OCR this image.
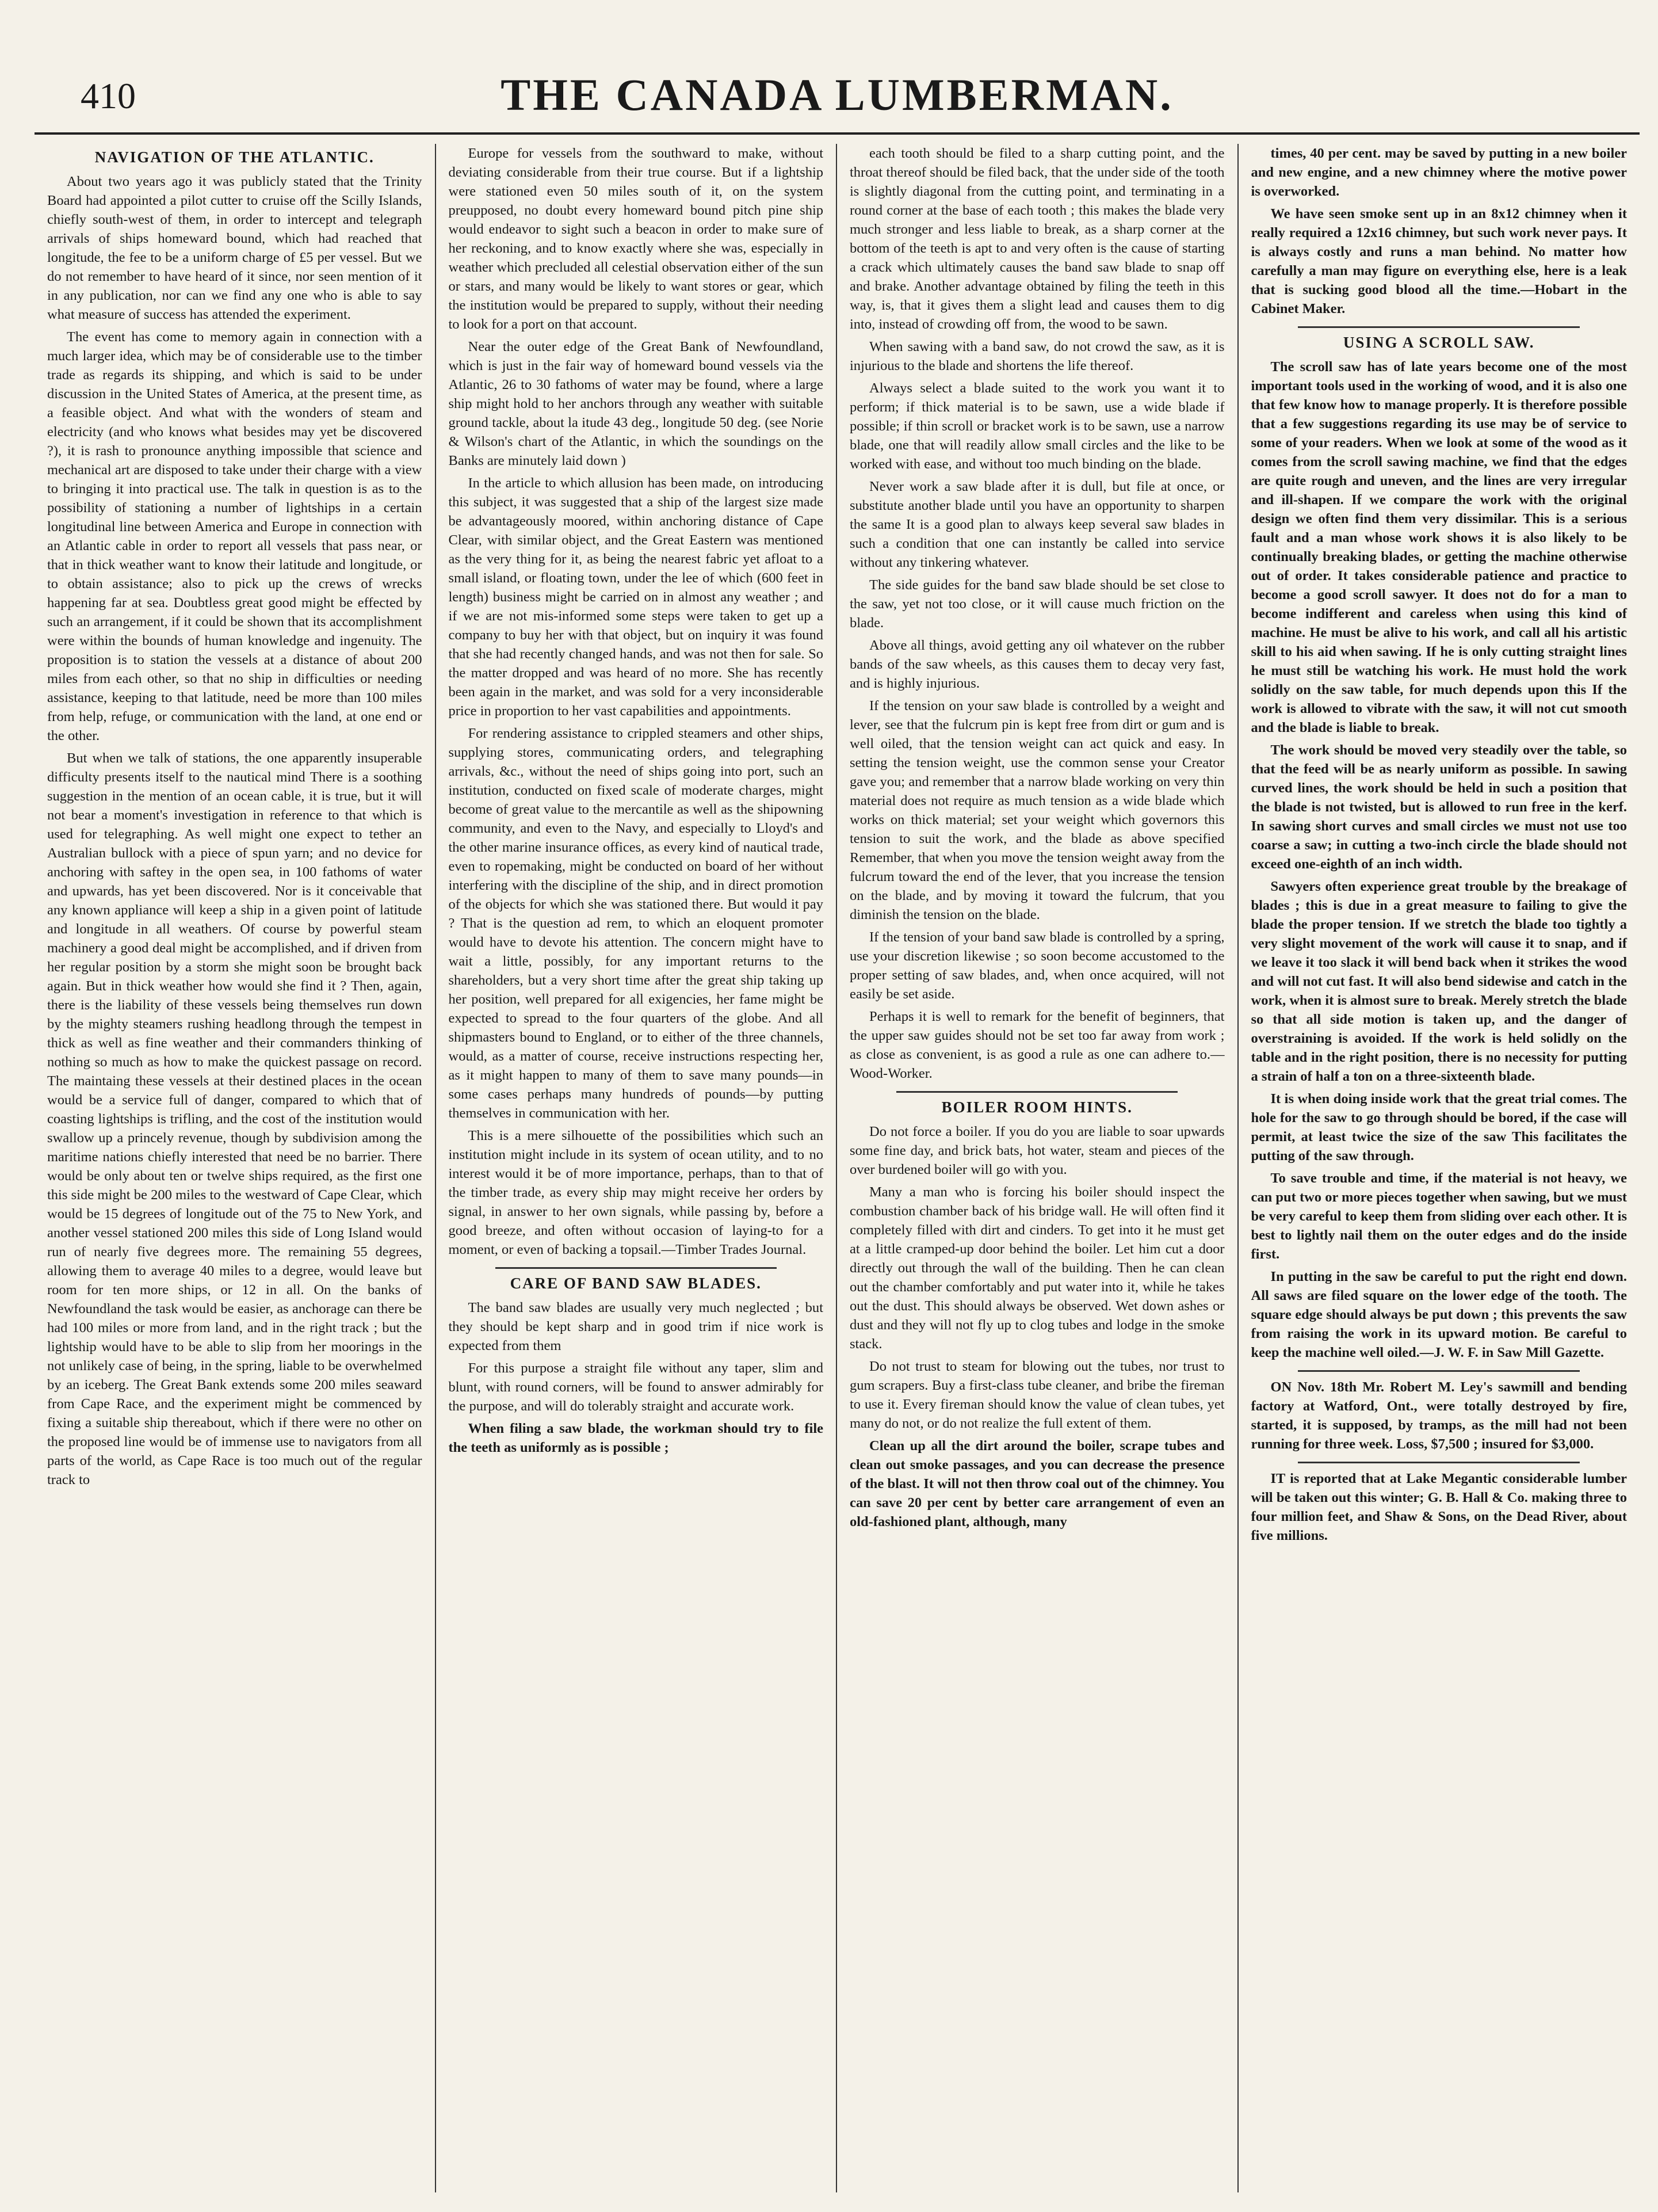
410	THE CANADA LUMBERMAN.
NAVIGATION OF THE ATLANTIC.

About two years ago it was publicly stated that the Trinity Board had appointed a pilot cutter to cruise off the Scilly Islands, chiefly south-west of them, in order to intercept and telegraph arrivals of ships homeward bound, which had reached that longitude, the fee to be a uniform charge of £5 per vessel. But we do not remember to have heard of it since, nor seen mention of it in any publication, nor can we find any one who is able to say what measure of success has attended the experiment.

The event has come to memory again in connection with a much larger idea, which may be of considerable use to the timber trade as regards its shipping, and which is said to be under discussion in the United States of America, at the present time, as a feasible object. And what with the wonders of steam and electricity (and who knows what besides may yet be discovered ?), it is rash to pronounce anything impossible that science and mechanical art are disposed to take under their charge with a view to bringing it into practical use. The talk in question is as to the possibility of stationing a number of lightships in a certain longitudinal line between America and Europe in connection with an Atlantic cable in order to report all vessels that pass near, or that in thick weather want to know their latitude and longitude, or to obtain assistance; also to pick up the crews of wrecks happening far at sea. Doubtless great good might be effected by such an arrangement, if it could be shown that its accomplishment were within the bounds of human knowledge and ingenuity. The proposition is to station the vessels at a distance of about 200 miles from each other, so that no ship in difficulties or needing assistance, keeping to that latitude, need be more than 100 miles from help, refuge, or communication with the land, at one end or the other.

But when we talk of stations, the one apparently insuperable difficulty presents itself to the nautical mind There is a soothing suggestion in the mention of an ocean cable, it is true, but it will not bear a moment's investigation in reference to that which is used for telegraphing. As well might one expect to tether an Australian bullock with a piece of spun yarn; and no device for anchoring with saftey in the open sea, in 100 fathoms of water and upwards, has yet been discovered. Nor is it conceivable that any known appliance will keep a ship in a given point of latitude and longitude in all weathers. Of course by powerful steam machinery a good deal might be accomplished, and if driven from her regular position by a storm she might soon be brought back again. But in thick weather how would she find it ? Then, again, there is the liability of these vessels being themselves run down by the mighty steamers rushing headlong through the tempest in thick as well as fine weather and their commanders thinking of nothing so much as how to make the quickest passage on record. The maintaing these vessels at their destined places in the ocean would be a service full of danger, compared to which that of coasting lightships is trifling, and the cost of the institution would swallow up a princely revenue, though by subdivision among the maritime nations chiefly interested that need be no barrier. There would be only about ten or twelve ships required, as the first one this side might be 200 miles to the westward of Cape Clear, which would be 15 degrees of longitude out of the 75 to New York, and another vessel stationed 200 miles this side of Long Island would run of nearly five degrees more. The remaining 55 degrees, allowing them to average 40 miles to a degree, would leave but room for ten more ships, or 12 in all. On the banks of Newfoundland the task would be easier, as anchorage can there be had 100 miles or more from land, and in the right track ; but the lightship would have to be able to slip from her moorings in the not unlikely case of being, in the spring, liable to be overwhelmed by an iceberg. The Great Bank extends some 200 miles seaward from Cape Race, and the experiment might be commenced by fixing a suitable ship thereabout, which if there were no other on the proposed line would be of immense use to navigators from all parts of the world, as Cape Race is too much out of the regular track to

Europe for vessels from the southward to make, without deviating considerable from their true course. But if a lightship were stationed even 50 miles south of it, on the system preupposed, no doubt every homeward bound pitch pine ship would endeavor to sight such a beacon in order to make sure of her reckoning, and to know exactly where she was, especially in weather which precluded all celestial observation either of the sun or stars, and many would be likely to want stores or gear, which the institution would be prepared to supply, without their needing to look for a port on that account.

Near the outer edge of the Great Bank of Newfoundland, which is just in the fair way of homeward bound vessels via the Atlantic, 26 to 30 fathoms of water may be found, where a large ship might hold to her anchors through any weather with suitable ground tackle, about la itude 43 deg., longitude 50 deg. (see Norie & Wilson's chart of the Atlantic, in which the soundings on the Banks are minutely laid down )

In the article to which allusion has been made, on introducing this subject, it was suggested that a ship of the largest size made be advantageously moored, within anchoring distance of Cape Clear, with similar object, and the Great Eastern was mentioned as the very thing for it, as being the nearest fabric yet afloat to a small island, or floating town, under the lee of which (600 feet in length) business might be carried on in almost any weather ; and if we are not mis-informed some steps were taken to get up a company to buy her with that object, but on inquiry it was found that she had recently changed hands, and was not then for sale. So the matter dropped and was heard of no more. She has recently been again in the market, and was sold for a very inconsiderable price in proportion to her vast capabilities and appointments.

For rendering assistance to crippled steamers and other ships, supplying stores, communicating orders, and telegraphing arrivals, &c., without the need of ships going into port, such an institution, conducted on fixed scale of moderate charges, might become of great value to the mercantile as well as the shipowning community, and even to the Navy, and especially to Lloyd's and the other marine insurance offices, as every kind of nautical trade, even to ropemaking, might be conducted on board of her without interfering with the discipline of the ship, and in direct promotion of the objects for which she was stationed there. But would it pay ? That is the question ad rem, to which an eloquent promoter would have to devote his attention. The concern might have to wait a little, possibly, for any important returns to the shareholders, but a very short time after the great ship taking up her position, well prepared for all exigencies, her fame might be expected to spread to the four quarters of the globe. And all shipmasters bound to England, or to either of the three channels, would, as a matter of course, receive instructions respecting her, as it might happen to many of them to save many pounds—in some cases perhaps many hundreds of pounds—by putting themselves in communication with her.

This is a mere silhouette of the possibilities which such an institution might include in its system of ocean utility, and to no interest would it be of more importance, perhaps, than to that of the timber trade, as every ship may might receive her orders by signal, in answer to her own signals, while passing by, before a good breeze, and often without occasion of laying-to for a moment, or even of backing a topsail.—Timber Trades Journal.

CARE OF BAND SAW BLADES.

The band saw blades are usually very much neglected ; but they should be kept sharp and in good trim if nice work is expected from them

For this purpose a straight file without any taper, slim and blunt, with round corners, will be found to answer admirably for the purpose, and will do tolerably straight and accurate work.

When filing a saw blade, the workman should try to file the teeth as uniformly as is possible ;

each tooth should be filed to a sharp cutting point, and the throat thereof should be filed back, that the under side of the tooth is slightly diagonal from the cutting point, and terminating in a round corner at the base of each tooth ; this makes the blade very much stronger and less liable to break, as a sharp corner at the bottom of the teeth is apt to and very often is the cause of starting a crack which ultimately causes the band saw blade to snap off and brake. Another advantage obtained by filing the teeth in this way, is, that it gives them a slight lead and causes them to dig into, instead of crowding off from, the wood to be sawn.

When sawing with a band saw, do not crowd the saw, as it is injurious to the blade and shortens the life thereof.

Always select a blade suited to the work you want it to perform; if thick material is to be sawn, use a wide blade if possible; if thin scroll or bracket work is to be sawn, use a narrow blade, one that will readily allow small circles and the like to be worked with ease, and without too much binding on the blade.

Never work a saw blade after it is dull, but file at once, or substitute another blade until you have an opportunity to sharpen the same It is a good plan to always keep several saw blades in such a condition that one can instantly be called into service without any tinkering whatever.

The side guides for the band saw blade should be set close to the saw, yet not too close, or it will cause much friction on the blade.

Above all things, avoid getting any oil whatever on the rubber bands of the saw wheels, as this causes them to decay very fast, and is highly injurious.

If the tension on your saw blade is controlled by a weight and lever, see that the fulcrum pin is kept free from dirt or gum and is well oiled, that the tension weight can act quick and easy. In setting the tension weight, use the common sense your Creator gave you; and remember that a narrow blade working on very thin material does not require as much tension as a wide blade which works on thick material; set your weight which governors this tension to suit the work, and the blade as above specified Remember, that when you move the tension weight away from the fulcrum toward the end of the lever, that you increase the tension on the blade, and by moving it toward the fulcrum, that you diminish the tension on the blade.

If the tension of your band saw blade is controlled by a spring, use your discretion likewise ; so soon become accustomed to the proper setting of saw blades, and, when once acquired, will not easily be set aside.

Perhaps it is well to remark for the benefit of beginners, that the upper saw guides should not be set too far away from work ; as close as convenient, is as good a rule as one can adhere to.—Wood-Worker.

BOILER ROOM HINTS.

Do not force a boiler. If you do you are liable to soar upwards some fine day, and brick bats, hot water, steam and pieces of the over burdened boiler will go with you.

Many a man who is forcing his boiler should inspect the combustion chamber back of his bridge wall. He will often find it completely filled with dirt and cinders. To get into it he must get at a little cramped-up door behind the boiler. Let him cut a door directly out through the wall of the building. Then he can clean out the chamber comfortably and put water into it, while he takes out the dust. This should always be observed. Wet down ashes or dust and they will not fly up to clog tubes and lodge in the smoke stack.

Do not trust to steam for blowing out the tubes, nor trust to gum scrapers. Buy a first-class tube cleaner, and bribe the fireman to use it. Every fireman should know the value of clean tubes, yet many do not, or do not realize the full extent of them.

Clean up all the dirt around the boiler, scrape tubes and clean out smoke passages, and you can decrease the presence of the blast. It will not then throw coal out of the chimney. You can save 20 per cent by better care arrangement of even an old-fashioned plant, although, many

times, 40 per cent. may be saved by putting in a new boiler and new engine, and a new chimney where the motive power is overworked.

We have seen smoke sent up in an 8x12 chimney when it really required a 12x16 chimney, but such work never pays. It is always costly and runs a man behind. No matter how carefully a man may figure on everything else, here is a leak that is sucking good blood all the time.—Hobart in the Cabinet Maker.

USING A SCROLL SAW.

The scroll saw has of late years become one of the most important tools used in the working of wood, and it is also one that few know how to manage properly. It is therefore possible that a few suggestions regarding its use may be of service to some of your readers. When we look at some of the wood as it comes from the scroll sawing machine, we find that the edges are quite rough and uneven, and the lines are very irregular and ill-shapen. If we compare the work with the original design we often find them very dissimilar. This is a serious fault and a man whose work shows it is also likely to be continually breaking blades, or getting the machine otherwise out of order. It takes considerable patience and practice to become a good scroll sawyer. It does not do for a man to become indifferent and careless when using this kind of machine. He must be alive to his work, and call all his artistic skill to his aid when sawing. If he is only cutting straight lines he must still be watching his work. He must hold the work solidly on the saw table, for much depends upon this If the work is allowed to vibrate with the saw, it will not cut smooth and the blade is liable to break.

The work should be moved very steadily over the table, so that the feed will be as nearly uniform as possible. In sawing curved lines, the work should be held in such a position that the blade is not twisted, but is allowed to run free in the kerf. In sawing short curves and small circles we must not use too coarse a saw; in cutting a two-inch circle the blade should not exceed one-eighth of an inch width.

Sawyers often experience great trouble by the breakage of blades ; this is due in a great measure to failing to give the blade the proper tension. If we stretch the blade too tightly a very slight movement of the work will cause it to snap, and if we leave it too slack it will bend back when it strikes the wood and will not cut fast. It will also bend sidewise and catch in the work, when it is almost sure to break. Merely stretch the blade so that all side motion is taken up, and the danger of overstraining is avoided. If the work is held solidly on the table and in the right position, there is no necessity for putting a strain of half a ton on a three-sixteenth blade.

It is when doing inside work that the great trial comes. The hole for the saw to go through should be bored, if the case will permit, at least twice the size of the saw This facilitates the putting of the saw through.

To save trouble and time, if the material is not heavy, we can put two or more pieces together when sawing, but we must be very careful to keep them from sliding over each other. It is best to lightly nail them on the outer edges and do the inside first.

In putting in the saw be careful to put the right end down. All saws are filed square on the lower edge of the tooth. The square edge should always be put down ; this prevents the saw from raising the work in its upward motion. Be careful to keep the machine well oiled.—J. W. F. in Saw Mill Gazette.

ON Nov. 18th Mr. Robert M. Ley's sawmill and bending factory at Watford, Ont., were totally destroyed by fire, started, it is supposed, by tramps, as the mill had not been running for three week. Loss, $7,500 ; insured for $3,000.

IT is reported that at Lake Megantic considerable lumber will be taken out this winter; G. B. Hall & Co. making three to four million feet, and Shaw & Sons, on the Dead River, about five millions.
